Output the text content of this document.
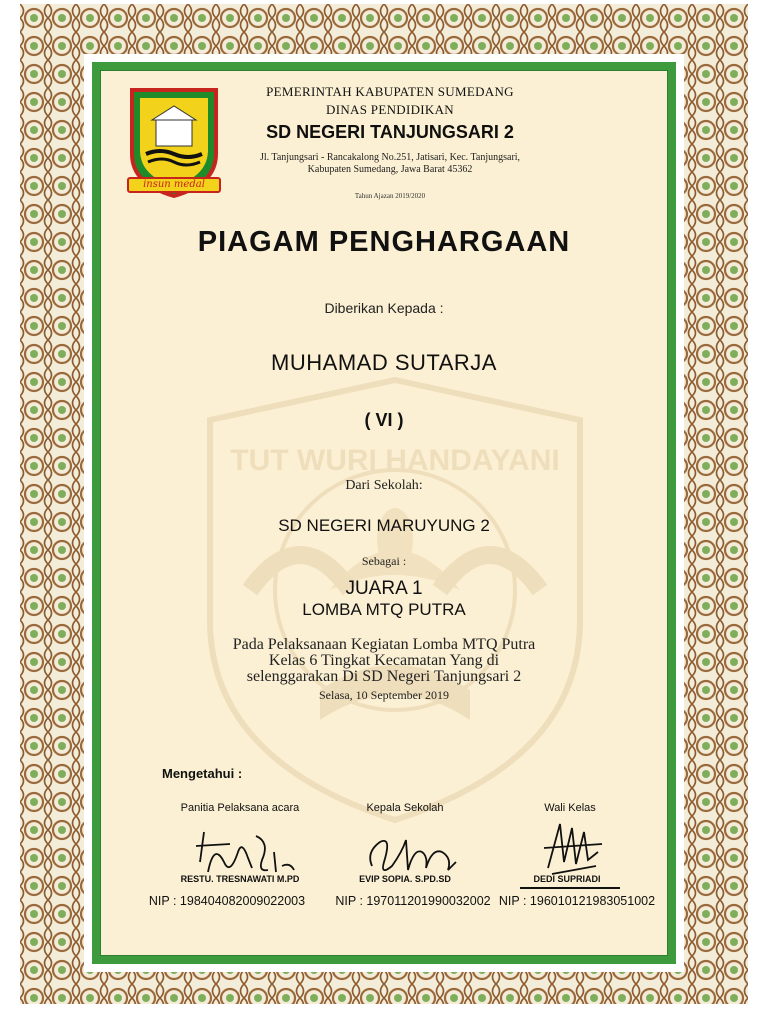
TUT WURI HANDAYANI
insun medal
PEMERINTAH KABUPATEN SUMEDANG
DINAS PENDIDIKAN
SD NEGERI TANJUNGSARI 2
Jl. Tanjungsari - Rancakalong No.251, Jatisari, Kec. Tanjungsari,
Kabupaten Sumedang, Jawa Barat 45362
Tahun Ajazan 2019/2020
PIAGAM PENGHARGAAN
Diberikan Kepada :
MUHAMAD SUTARJA
( VI )
Dari Sekolah:
SD NEGERI MARUYUNG 2
Sebagai :
JUARA 1
LOMBA MTQ PUTRA
Pada Pelaksanaan Kegiatan Lomba MTQ Putra
Kelas 6 Tingkat Kecamatan Yang di
selenggarakan Di SD Negeri Tanjungsari 2
Selasa, 10 September 2019
Mengetahui :
Panitia Pelaksana acara
RESTU. TRESNAWATI M.PD
NIP : 198404082009022003
Kepala Sekolah
EVIP SOPIA. S.PD.SD
NIP : 197011201990032002
Wali Kelas
DEDI SUPRIADI
NIP : 196010121983051002
